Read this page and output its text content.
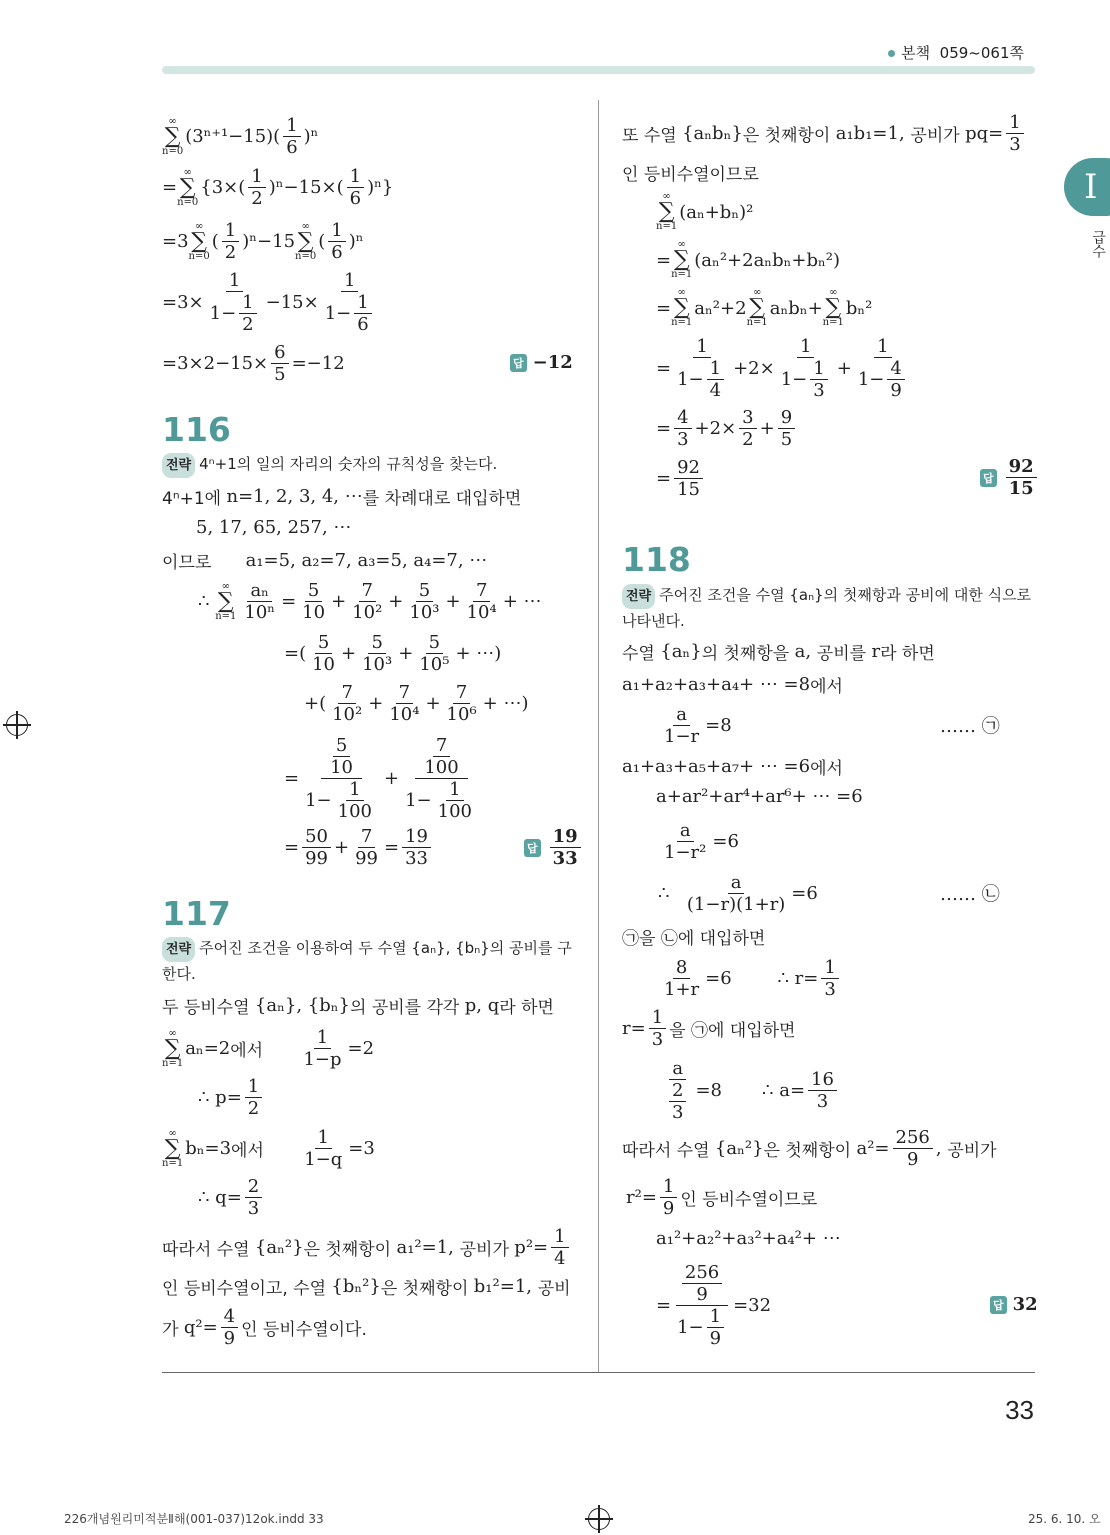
본책 059~061쪽
I
급수
33
226개념원리미적분Ⅱ해(001-037)12ok.indd 33	25. 6. 10. 오
∞
∑
n=0
$(3^{n+1}-15)( \frac{1}{6} )^n$
=
∞
∑
n=0
$\{3\times( \frac{1}{2} )^n-15\times( \frac{1}{6} )^n\}$
=3
∞
∑
n=0
( $\frac{1}{2} )^n-15$
∞
∑
n=0
( $\frac{1}{6} )^n$
$=3\times \frac{1}{1- \frac{1}{2}} -15\times \frac{1}{1- \frac{1}{6}}$
$=3\times 2-15\times \frac{6}{5} =-12$	답 −12
116
전략 4ⁿ+1의 일의 자리의 숫자의 규칙성을 찾는다.
4ⁿ+1에 n=1, 2, 3, 4, ⋯ 를 차례대로 대입하면
5, 17, 65, 257, ⋯
이므로 a₁=5, a₂=7, a₃=5, a₄=7, ⋯
∴
∞
∑
$n=1 \frac{\text{aₙ}}{\text{10ⁿ}} = \frac{5}{10} + \frac{7}{\text{10²}} + \frac{5}{\text{10³}} + \frac{7}{\text{10⁴}}$ + ⋯
=( $\frac{5}{10} + \frac{5}{\text{10³}} + \frac{5}{\text{10⁵}}$ + ⋯)
+( $\frac{7}{\text{10²}} + \frac{7}{\text{10⁴}} + \frac{7}{\text{10⁶}}$ + ⋯)
= $\frac{\frac{5}{10}}{1- \frac{1}{100}} + \frac{\frac{7}{100}}{1- \frac{1}{100}}$
= $\frac{50}{99} + \frac{7}{99} = \frac{19}{33}$	답 $\frac{19}{33}$
117
전략 주어진 조건을 이용하여 두 수열 {aₙ}, {bₙ}의 공비를 구한다.
두 등비수열 {aₙ}, {bₙ} 의 공비를 각각 p, q 라 하면
∞
∑
n=1
aₙ=2 에서
$\frac{1}{1-p} =2$
∴ $p= \frac{1}{2}$
∞
∑
n=1
bₙ=3 에서
$\frac{1}{1-q} =3$
∴ $q= \frac{2}{3}$
따라서 수열 {aₙ²} 은 첫째항이 a₁²=1, 공비가 $p^2= \frac{1}{4}$
인 등비수열이고, 수열 {bₙ²} 은 첫째항이 b₁²=1, 공비
가 $q^2= \frac{4}{9}$ 인 등비수열이다.
또 수열 {aₙbₙ} 은 첫째항이 a₁b₁=1, 공비가 $pq= \frac{1}{3}$
인 등비수열이므로
∞
∑
n=1
(aₙ+bₙ)²
=
∞
∑
n=1
(aₙ²+2aₙbₙ+bₙ²)
=
∞
∑
n=1
aₙ²+2
∞
∑
n=1
aₙbₙ+
∞
∑
n=1
bₙ²
= $\frac{1}{1- \frac{1}{4}} +2\times \frac{1}{1- \frac{1}{3}} + \frac{1}{1- \frac{4}{9}}$
= $\frac{4}{3} +2\times \frac{3}{2} + \frac{9}{5}$
= $\frac{92}{15}$	답 $\frac{92}{15}$
118
전략 주어진 조건을 수열 {aₙ}의 첫째항과 공비에 대한 식으로 나타낸다.
수열 {aₙ} 의 첫째항을 a, 공비를 r 라 하면
a₁+a₂+a₃+a₄+ ⋯ =8 에서
$\frac{a}{1-r} =8$	…… ㉠
a₁+a₃+a₅+a₇+ ⋯ =6 에서
a+ar²+ar⁴+ar⁶+ ⋯ =6
$\frac{a}{\text{1−r²}} =6$
∴ $\frac{a}{(1-r)(1+r)} =6$	…… ㉡
㉠을 ㉡에 대입하면
$\frac{8}{1+r} =6$        ∴ $r= \frac{1}{3}$
$r= \frac{1}{3}$ 을 ㉠에 대입하면
$\frac{a}{\frac{2}{3}} =8$       ∴ $a= \frac{16}{3}$
따라서 수열 {aₙ²} 은 첫째항이 $a^2= \frac{256}{9}$ , 공비가
$r^2= \frac{1}{9}$ 인 등비수열이므로
a₁²+a₂²+a₃²+a₄²+ ⋯
= $\frac{\frac{256}{9}}{1- \frac{1}{9}} =32$	답 32
